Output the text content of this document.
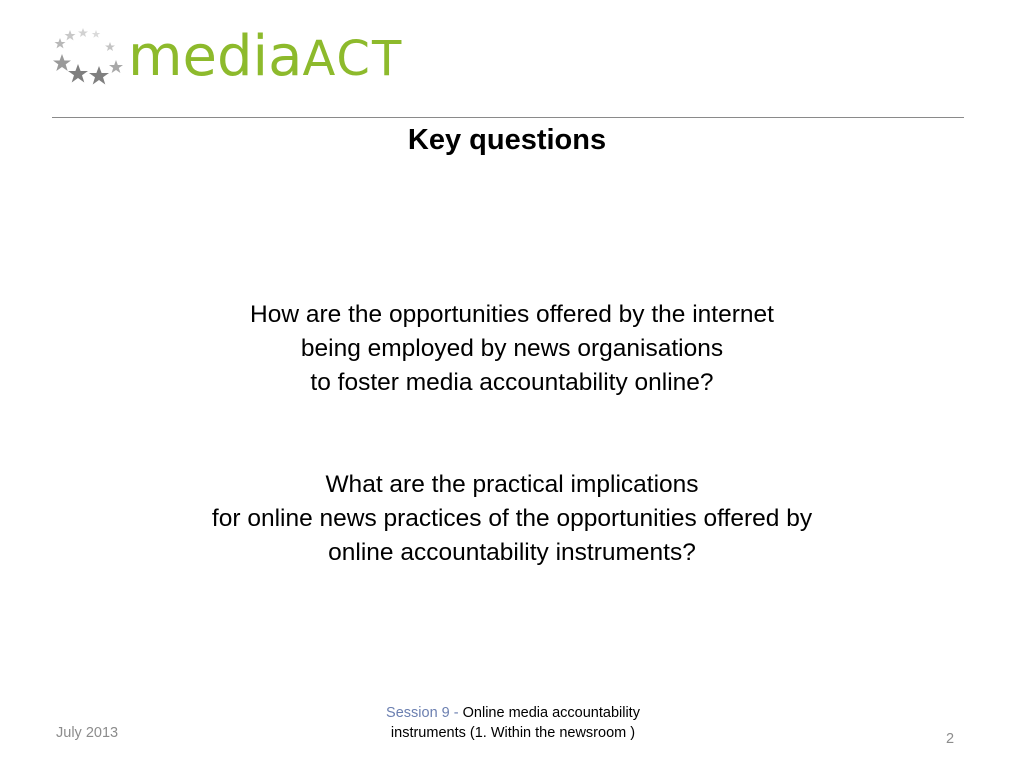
mediaACT
Key questions
How are the opportunities offered by the internet
being employed by news organisations
to foster media accountability online?
What are the practical implications
for online news practices of the opportunities offered by
online accountability instruments?
July 2013
Session 9 - Online media accountability
instruments (1. Within the newsroom )	2
